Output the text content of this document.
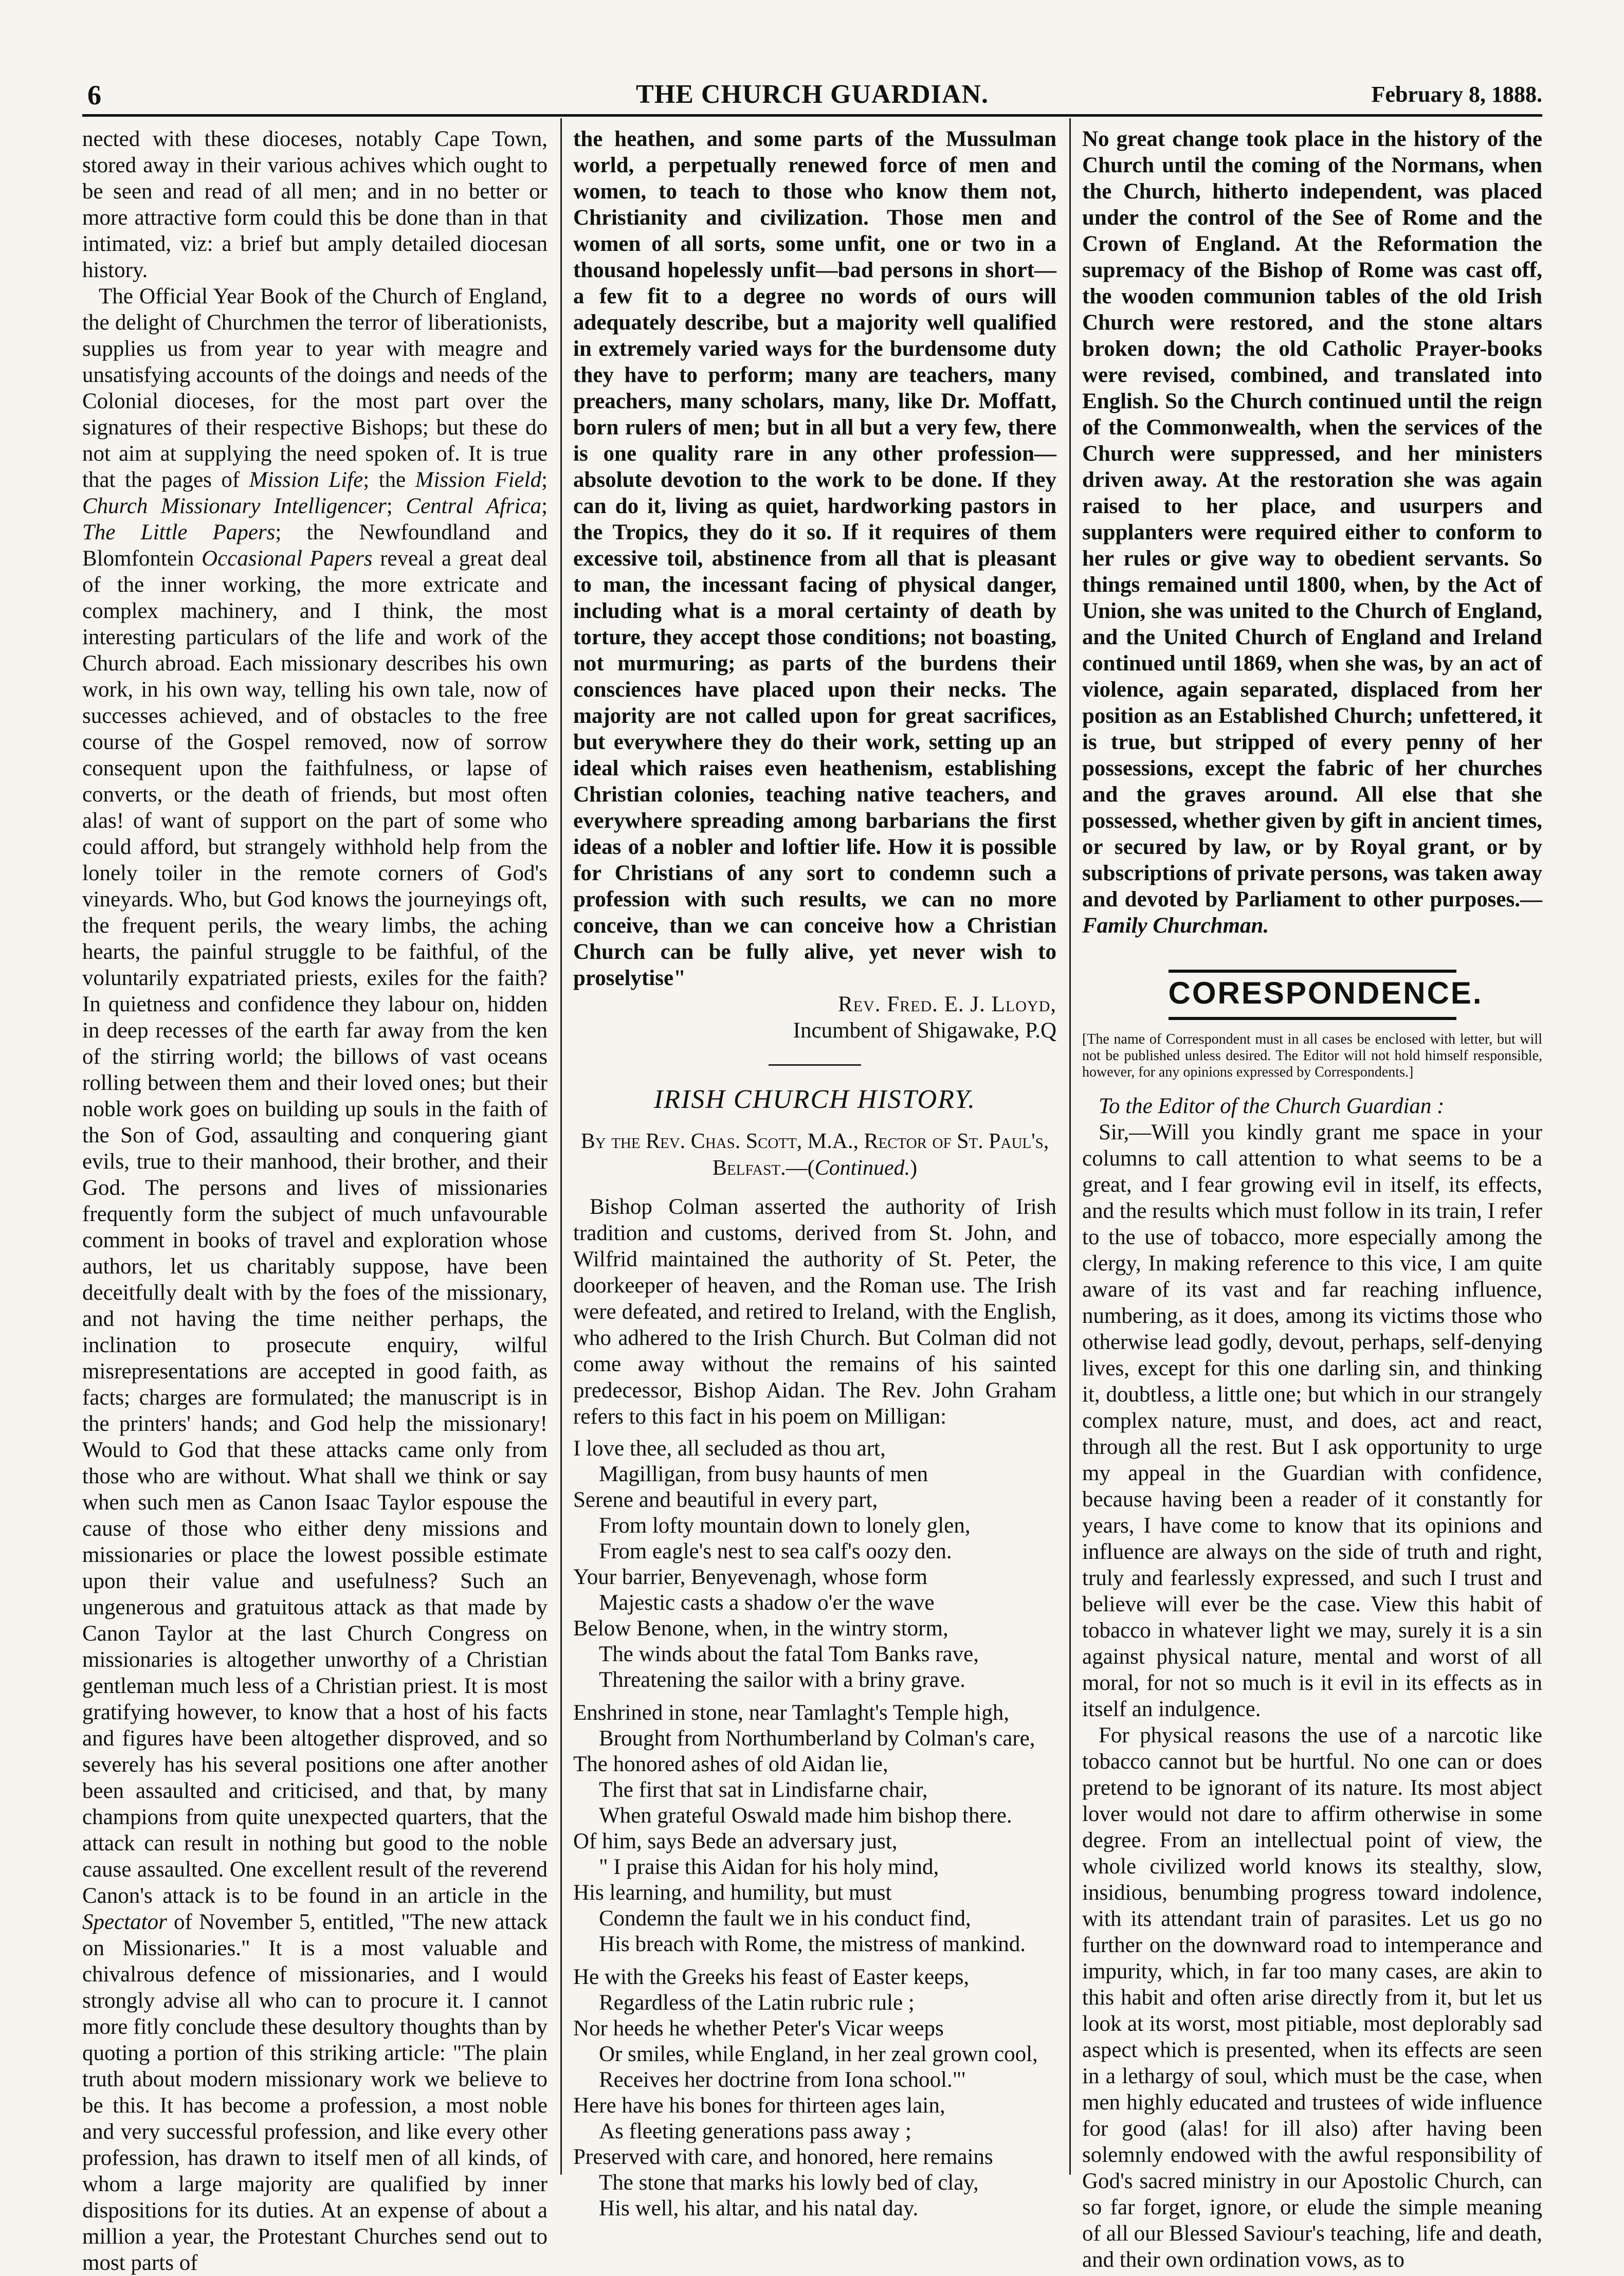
6	THE CHURCH GUARDIAN.	February 8, 1888.

nected with these dioceses, notably Cape Town, stored away in their various achives which ought to be seen and read of all men; and in no better or more attractive form could this be done than in that intimated, viz: a brief but amply detailed diocesan history.

The Official Year Book of the Church of England, the delight of Churchmen the terror of liberationists, supplies us from year to year with meagre and unsatisfying accounts of the doings and needs of the Colonial dioceses, for the most part over the signatures of their respective Bishops; but these do not aim at supplying the need spoken of. It is true that the pages of Mission Life; the Mission Field; Church Missionary Intelligencer; Central Africa; The Little Papers; the Newfoundland and Blomfontein Occasional Papers reveal a great deal of the inner working, the more extricate and complex machinery, and I think, the most interesting particulars of the life and work of the Church abroad. Each missionary describes his own work, in his own way, telling his own tale, now of successes achieved, and of obstacles to the free course of the Gospel removed, now of sorrow consequent upon the faithfulness, or lapse of converts, or the death of friends, but most often alas! of want of support on the part of some who could afford, but strangely withhold help from the lonely toiler in the remote corners of God's vineyards. Who, but God knows the journeyings oft, the frequent perils, the weary limbs, the aching hearts, the painful struggle to be faithful, of the voluntarily expatriated priests, exiles for the faith? In quietness and confidence they labour on, hidden in deep recesses of the earth far away from the ken of the stirring world; the billows of vast oceans rolling between them and their loved ones; but their noble work goes on building up souls in the faith of the Son of God, assaulting and conquering giant evils, true to their manhood, their brother, and their God. The persons and lives of missionaries frequently form the subject of much unfavourable comment in books of travel and exploration whose authors, let us charitably suppose, have been deceitfully dealt with by the foes of the missionary, and not having the time neither perhaps, the inclination to prosecute enquiry, wilful misrepresentations are accepted in good faith, as facts; charges are formulated; the manuscript is in the printers' hands; and God help the missionary! Would to God that these attacks came only from those who are without. What shall we think or say when such men as Canon Isaac Taylor espouse the cause of those who either deny missions and missionaries or place the lowest possible estimate upon their value and usefulness? Such an ungenerous and gratuitous attack as that made by Canon Taylor at the last Church Congress on missionaries is altogether unworthy of a Christian gentleman much less of a Christian priest. It is most gratifying however, to know that a host of his facts and figures have been altogether disproved, and so severely has his several positions one after another been assaulted and criticised, and that, by many champions from quite unexpected quarters, that the attack can result in nothing but good to the noble cause assaulted. One excellent result of the reverend Canon's attack is to be found in an article in the Spectator of November 5, entitled, "The new attack on Missionaries." It is a most valuable and chivalrous defence of missionaries, and I would strongly advise all who can to procure it. I cannot more fitly conclude these desultory thoughts than by quoting a portion of this striking article: "The plain truth about modern missionary work we believe to be this. It has become a profession, a most noble and very successful profession, and like every other profession, has drawn to itself men of all kinds, of whom a large majority are qualified by inner dispositions for its duties. At an expense of about a million a year, the Protestant Churches send out to most parts of

the heathen, and some parts of the Mussulman world, a perpetually renewed force of men and women, to teach to those who know them not, Christianity and civilization. Those men and women of all sorts, some unfit, one or two in a thousand hopelessly unfit—bad persons in short—a few fit to a degree no words of ours will adequately describe, but a majority well qualified in extremely varied ways for the burdensome duty they have to perform; many are teachers, many preachers, many scholars, many, like Dr. Moffatt, born rulers of men; but in all but a very few, there is one quality rare in any other profession—absolute devotion to the work to be done. If they can do it, living as quiet, hardworking pastors in the Tropics, they do it so. If it requires of them excessive toil, abstinence from all that is pleasant to man, the incessant facing of physical danger, including what is a moral certainty of death by torture, they accept those conditions; not boasting, not murmuring; as parts of the burdens their consciences have placed upon their necks. The majority are not called upon for great sacrifices, but everywhere they do their work, setting up an ideal which raises even heathenism, establishing Christian colonies, teaching native teachers, and everywhere spreading among barbarians the first ideas of a nobler and loftier life. How it is possible for Christians of any sort to condemn such a profession with such results, we can no more conceive, than we can conceive how a Christian Church can be fully alive, yet never wish to proselytise"

Rev. Fred. E. J. Lloyd,

Incumbent of Shigawake, P.Q

IRISH CHURCH HISTORY.
By the Rev. Chas. Scott, M.A., Rector of St. Paul's, Belfast.—(Continued.)

Bishop Colman asserted the authority of Irish tradition and customs, derived from St. John, and Wilfrid maintained the authority of St. Peter, the doorkeeper of heaven, and the Roman use. The Irish were defeated, and retired to Ireland, with the English, who adhered to the Irish Church. But Colman did not come away without the remains of his sainted predecessor, Bishop Aidan. The Rev. John Graham refers to this fact in his poem on Milligan:

I love thee, all secluded as thou art,
Magilligan, from busy haunts of men
Serene and beautiful in every part,
From lofty mountain down to lonely glen,
From eagle's nest to sea calf's oozy den.
Your barrier, Benyevenagh, whose form
Majestic casts a shadow o'er the wave
Below Benone, when, in the wintry storm,
The winds about the fatal Tom Banks rave,
Threatening the sailor with a briny grave.
Enshrined in stone, near Tamlaght's Temple high,
Brought from Northumberland by Colman's care,
The honored ashes of old Aidan lie,
The first that sat in Lindisfarne chair,
When grateful Oswald made him bishop there.
Of him, says Bede an adversary just,
" I praise this Aidan for his holy mind,
His learning, and humility, but must
Condemn the fault we in his conduct find,
His breach with Rome, the mistress of mankind.
He with the Greeks his feast of Easter keeps,
Regardless of the Latin rubric rule ;
Nor heeds he whether Peter's Vicar weeps
Or smiles, while England, in her zeal grown cool,
Receives her doctrine from Iona school."'
Here have his bones for thirteen ages lain,
As fleeting generations pass away ;
Preserved with care, and honored, here remains
The stone that marks his lowly bed of clay,
His well, his altar, and his natal day.

No great change took place in the history of the Church until the coming of the Normans, when the Church, hitherto independent, was placed under the control of the See of Rome and the Crown of England. At the Reformation the supremacy of the Bishop of Rome was cast off, the wooden communion tables of the old Irish Church were restored, and the stone altars broken down; the old Catholic Prayer-books were revised, combined, and translated into English. So the Church continued until the reign of the Commonwealth, when the services of the Church were suppressed, and her ministers driven away. At the restoration she was again raised to her place, and usurpers and supplanters were required either to conform to her rules or give way to obedient servants. So things remained until 1800, when, by the Act of Union, she was united to the Church of England, and the United Church of England and Ireland continued until 1869, when she was, by an act of violence, again separated, displaced from her position as an Established Church; unfettered, it is true, but stripped of every penny of her possessions, except the fabric of her churches and the graves around. All else that she possessed, whether given by gift in ancient times, or secured by law, or by Royal grant, or by subscriptions of private persons, was taken away and devoted by Parliament to other purposes.—Family Churchman.

CORESPONDENCE.
[The name of Correspondent must in all cases be enclosed with letter, but will not be published unless desired. The Editor will not hold himself responsible, however, for any opinions expressed by Correspondents.]

To the Editor of the Church Guardian :

Sir,—Will you kindly grant me space in your columns to call attention to what seems to be a great, and I fear growing evil in itself, its effects, and the results which must follow in its train, I refer to the use of tobacco, more especially among the clergy, In making reference to this vice, I am quite aware of its vast and far reaching influence, numbering, as it does, among its victims those who otherwise lead godly, devout, perhaps, self-denying lives, except for this one darling sin, and thinking it, doubtless, a little one; but which in our strangely complex nature, must, and does, act and react, through all the rest. But I ask opportunity to urge my appeal in the Guardian with confidence, because having been a reader of it constantly for years, I have come to know that its opinions and influence are always on the side of truth and right, truly and fearlessly expressed, and such I trust and believe will ever be the case. View this habit of tobacco in whatever light we may, surely it is a sin against physical nature, mental and worst of all moral, for not so much is it evil in its effects as in itself an indulgence.

For physical reasons the use of a narcotic like tobacco cannot but be hurtful. No one can or does pretend to be ignorant of its nature. Its most abject lover would not dare to affirm otherwise in some degree. From an intellectual point of view, the whole civilized world knows its stealthy, slow, insidious, benumbing progress toward indolence, with its attendant train of parasites. Let us go no further on the downward road to intemperance and impurity, which, in far too many cases, are akin to this habit and often arise directly from it, but let us look at its worst, most pitiable, most deplorably sad aspect which is presented, when its effects are seen in a lethargy of soul, which must be the case, when men highly educated and trustees of wide influence for good (alas! for ill also) after having been solemnly endowed with the awful responsibility of God's sacred ministry in our Apostolic Church, can so far forget, ignore, or elude the simple meaning of all our Blessed Saviour's teaching, life and death, and their own ordination vows, as to
